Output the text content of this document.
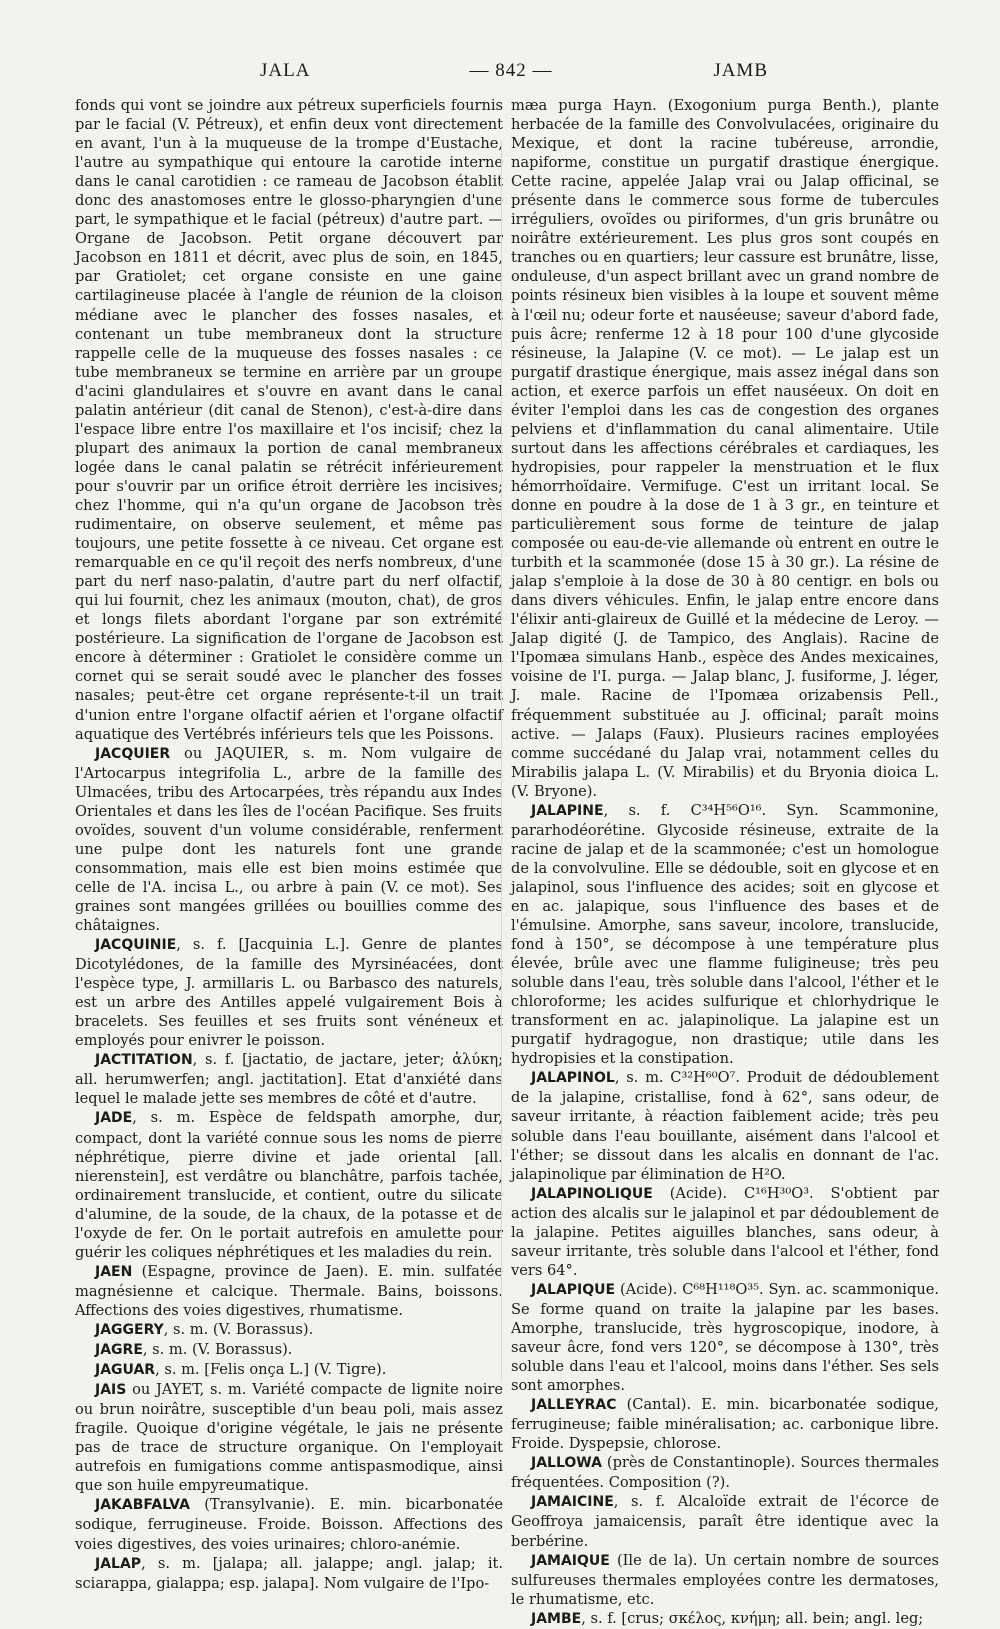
JALA	— 842 —	JAMB

fonds qui vont se joindre aux pétreux superficiels fournis par le facial (V. Pétreux), et enfin deux vont directement en avant, l'un à la muqueuse de la trompe d'Eustache, l'autre au sympathique qui entoure la carotide interne dans le canal carotidien : ce rameau de Jacobson établit donc des anastomoses entre le glosso-pharyngien d'une part, le sympathique et le facial (pétreux) d'autre part. — Organe de Jacobson. Petit organe découvert par Jacobson en 1811 et décrit, avec plus de soin, en 1845, par Gratiolet; cet organe consiste en une gaine cartilagineuse placée à l'angle de réunion de la cloison médiane avec le plancher des fosses nasales, et contenant un tube membraneux dont la structure rappelle celle de la muqueuse des fosses nasales : ce tube membraneux se termine en arrière par un groupe d'acini glandulaires et s'ouvre en avant dans le canal palatin antérieur (dit canal de Stenon), c'est-à-dire dans l'espace libre entre l'os maxillaire et l'os incisif; chez la plupart des animaux la portion de canal membraneux logée dans le canal palatin se rétrécit inférieurement pour s'ouvrir par un orifice étroit derrière les incisives; chez l'homme, qui n'a qu'un organe de Jacobson très rudimentaire, on observe seulement, et même pas toujours, une petite fossette à ce niveau. Cet organe est remarquable en ce qu'il reçoit des nerfs nombreux, d'une part du nerf naso-palatin, d'autre part du nerf olfactif, qui lui fournit, chez les animaux (mouton, chat), de gros et longs filets abordant l'organe par son extrémité postérieure. La signification de l'organe de Jacobson est encore à déterminer : Gratiolet le considère comme un cornet qui se serait soudé avec le plancher des fosses nasales; peut-être cet organe représente-t-il un trait d'union entre l'organe olfactif aérien et l'organe olfactif aquatique des Vertébrés inférieurs tels que les Poissons.

JACQUIER ou JAQUIER, s. m. Nom vulgaire de l'Artocarpus integrifolia L., arbre de la famille des Ulmacées, tribu des Artocarpées, très répandu aux Indes Orientales et dans les îles de l'océan Pacifique. Ses fruits ovoïdes, souvent d'un volume considérable, renferment une pulpe dont les naturels font une grande consommation, mais elle est bien moins estimée que celle de l'A. incisa L., ou arbre à pain (V. ce mot). Ses graines sont mangées grillées ou bouillies comme des châtaignes.

JACQUINIE, s. f. [Jacquinia L.]. Genre de plantes Dicotylédones, de la famille des Myrsinéacées, dont l'espèce type, J. armillaris L. ou Barbasco des naturels, est un arbre des Antilles appelé vulgairement Bois à bracelets. Ses feuilles et ses fruits sont vénéneux et employés pour enivrer le poisson.

JACTITATION, s. f. [jactatio, de jactare, jeter; ἀλύκη; all. herumwerfen; angl. jactitation]. Etat d'anxiété dans lequel le malade jette ses membres de côté et d'autre.

JADE, s. m. Espèce de feldspath amorphe, dur, compact, dont la variété connue sous les noms de pierre néphrétique, pierre divine et jade oriental [all. nierenstein], est verdâtre ou blanchâtre, parfois tachée, ordinairement translucide, et contient, outre du silicate d'alumine, de la soude, de la chaux, de la potasse et de l'oxyde de fer. On le portait autrefois en amulette pour guérir les coliques néphrétiques et les maladies du rein.

JAEN (Espagne, province de Jaen). E. min. sulfatée magnésienne et calcique. Thermale. Bains, boissons. Affections des voies digestives, rhumatisme.

JAGGERY, s. m. (V. Borassus).

JAGRE, s. m. (V. Borassus).

JAGUAR, s. m. [Felis onça L.] (V. Tigre).

JAIS ou JAYET, s. m. Variété compacte de lignite noire ou brun noirâtre, susceptible d'un beau poli, mais assez fragile. Quoique d'origine végétale, le jais ne présente pas de trace de structure organique. On l'employait autrefois en fumigations comme antispasmodique, ainsi que son huile empyreumatique.

JAKABFALVA (Transylvanie). E. min. bicarbonatée sodique, ferrugineuse. Froide. Boisson. Affections des voies digestives, des voies urinaires; chloro-anémie.

JALAP, s. m. [jalapa; all. jalappe; angl. jalap; it. sciarappa, gialappa; esp. jalapa]. Nom vulgaire de l'Ipo-

mæa purga Hayn. (Exogonium purga Benth.), plante herbacée de la famille des Convolvulacées, originaire du Mexique, et dont la racine tubéreuse, arrondie, napiforme, constitue un purgatif drastique énergique. Cette racine, appelée Jalap vrai ou Jalap officinal, se présente dans le commerce sous forme de tubercules irréguliers, ovoïdes ou piriformes, d'un gris brunâtre ou noirâtre extérieurement. Les plus gros sont coupés en tranches ou en quartiers; leur cassure est brunâtre, lisse, onduleuse, d'un aspect brillant avec un grand nombre de points résineux bien visibles à la loupe et souvent même à l'œil nu; odeur forte et nauséeuse; saveur d'abord fade, puis âcre; renferme 12 à 18 pour 100 d'une glycoside résineuse, la Jalapine (V. ce mot). — Le jalap est un purgatif drastique énergique, mais assez inégal dans son action, et exerce parfois un effet nauséeux. On doit en éviter l'emploi dans les cas de congestion des organes pelviens et d'inflammation du canal alimentaire. Utile surtout dans les affections cérébrales et cardiaques, les hydropisies, pour rappeler la menstruation et le flux hémorrhoïdaire. Vermifuge. C'est un irritant local. Se donne en poudre à la dose de 1 à 3 gr., en teinture et particulièrement sous forme de teinture de jalap composée ou eau-de-vie allemande où entrent en outre le turbith et la scammonée (dose 15 à 30 gr.). La résine de jalap s'emploie à la dose de 30 à 80 centigr. en bols ou dans divers véhicules. Enfin, le jalap entre encore dans l'élixir anti-glaireux de Guillé et la médecine de Leroy. — Jalap digité (J. de Tampico, des Anglais). Racine de l'Ipomæa simulans Hanb., espèce des Andes mexicaines, voisine de l'I. purga. — Jalap blanc, J. fusiforme, J. léger, J. male. Racine de l'Ipomæa orizabensis Pell., fréquemment substituée au J. officinal; paraît moins active. — Jalaps (Faux). Plusieurs racines employées comme succédané du Jalap vrai, notamment celles du Mirabilis jalapa L. (V. Mirabilis) et du Bryonia dioica L. (V. Bryone).

JALAPINE, s. f. C³⁴H⁵⁶O¹⁶. Syn. Scammonine, pararhodéorétine. Glycoside résineuse, extraite de la racine de jalap et de la scammonée; c'est un homologue de la convolvuline. Elle se dédouble, soit en glycose et en jalapinol, sous l'influence des acides; soit en glycose et en ac. jalapique, sous l'influence des bases et de l'émulsine. Amorphe, sans saveur, incolore, translucide, fond à 150°, se décompose à une température plus élevée, brûle avec une flamme fuligineuse; très peu soluble dans l'eau, très soluble dans l'alcool, l'éther et le chloroforme; les acides sulfurique et chlorhydrique le transforment en ac. jalapinolique. La jalapine est un purgatif hydragogue, non drastique; utile dans les hydropisies et la constipation.

JALAPINOL, s. m. C³²H⁶⁰O⁷. Produit de dédoublement de la jalapine, cristallise, fond à 62°, sans odeur, de saveur irritante, à réaction faiblement acide; très peu soluble dans l'eau bouillante, aisément dans l'alcool et l'éther; se dissout dans les alcalis en donnant de l'ac. jalapinolique par élimination de H²O.

JALAPINOLIQUE (Acide). C¹⁶H³⁰O³. S'obtient par action des alcalis sur le jalapinol et par dédoublement de la jalapine. Petites aiguilles blanches, sans odeur, à saveur irritante, très soluble dans l'alcool et l'éther, fond vers 64°.

JALAPIQUE (Acide). C⁶⁸H¹¹⁸O³⁵. Syn. ac. scammonique. Se forme quand on traite la jalapine par les bases. Amorphe, translucide, très hygroscopique, inodore, à saveur âcre, fond vers 120°, se décompose à 130°, très soluble dans l'eau et l'alcool, moins dans l'éther. Ses sels sont amorphes.

JALLEYRAC (Cantal). E. min. bicarbonatée sodique, ferrugineuse; faible minéralisation; ac. carbonique libre. Froide. Dyspepsie, chlorose.

JALLOWA (près de Constantinople). Sources thermales fréquentées. Composition (?).

JAMAICINE, s. f. Alcaloïde extrait de l'écorce de Geoffroya jamaicensis, paraît être identique avec la berbérine.

JAMAIQUE (Ile de la). Un certain nombre de sources sulfureuses thermales employées contre les dermatoses, le rhumatisme, etc.

JAMBE, s. f. [crus; σκέλος, κνήμη; all. bein; angl. leg;
